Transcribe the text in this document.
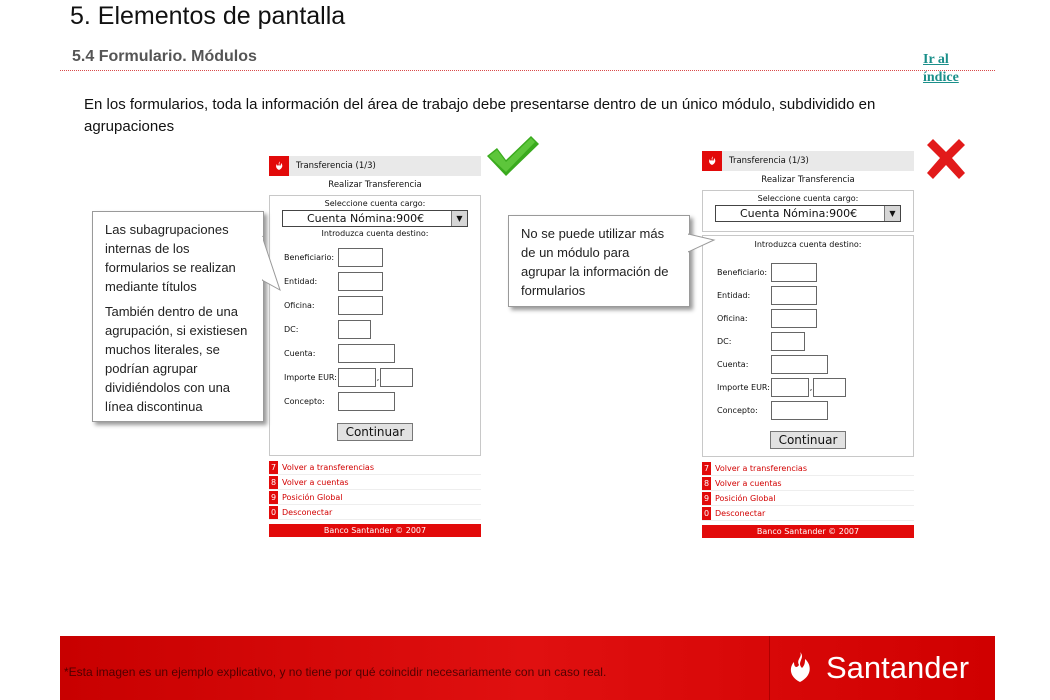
5. Elementos de pantalla
5.4 Formulario. Módulos	Ir al índice

En los formularios, toda la información del área de trabajo debe presentarse dentro de un único módulo, subdividido en agrupaciones

Transferencia (1/3)
Realizar Transferencia
Seleccione cuenta cargo:
Cuenta Nómina:900€	▼
Introduzca cuenta destino:
Beneficiario:
Entidad:
Oficina:
DC:
Cuenta:
Importe EUR:	,
Concepto:
Continuar
7 Volver a transferencias
8 Volver a cuentas
9 Posición Global
0 Desconectar
Banco Santander © 2007
Transferencia (1/3)
Realizar Transferencia
Seleccione cuenta cargo:
Cuenta Nómina:900€	▼
Introduzca cuenta destino:
Beneficiario:
Entidad:
Oficina:
DC:
Cuenta:
Importe EUR:	,
Concepto:
Continuar
7 Volver a transferencias
8 Volver a cuentas
9 Posición Global
0 Desconectar
Banco Santander © 2007

Las subagrupaciones internas de los formularios se realizan mediante títulos

También dentro de una agrupación, si existiesen muchos literales, se podrían agrupar dividiéndolos con una línea discontinua

No se puede utilizar más de un módulo para agrupar la información de formularios

*Esta imagen es un ejemplo explicativo, y no tiene por qué coincidir necesariamente con un caso real.	Santander
